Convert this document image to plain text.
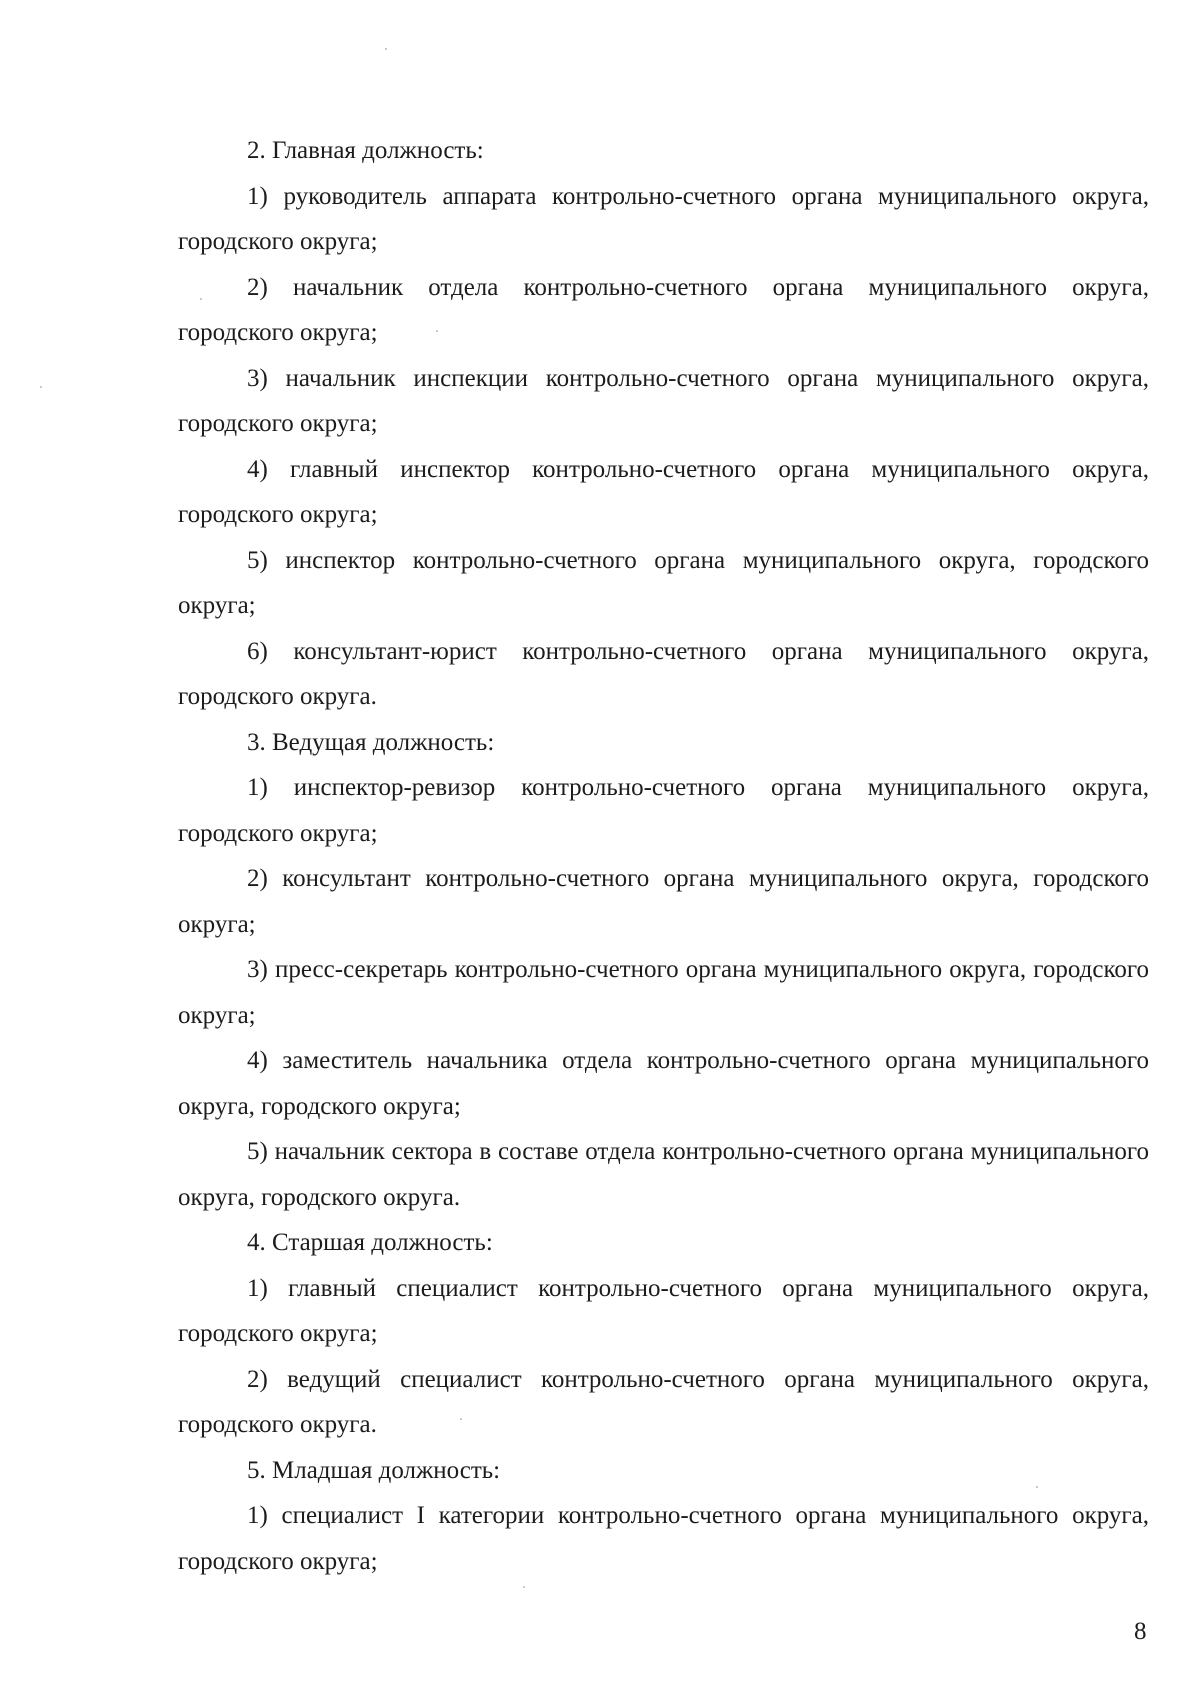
2. Главная должность:

1) руководитель аппарата контрольно-счетного органа муниципального округа, городского округа;

2) начальник отдела контрольно-счетного органа муниципального округа, городского округа;

3) начальник инспекции контрольно-счетного органа муниципального округа, городского округа;

4) главный инспектор контрольно-счетного органа муниципального округа, городского округа;

5) инспектор контрольно-счетного органа муниципального округа, городского округа;

6) консультант-юрист контрольно-счетного органа муниципального округа, городского округа.

3. Ведущая должность:

1) инспектор-ревизор контрольно-счетного органа муниципального округа, городского округа;

2) консультант контрольно-счетного органа муниципального округа, городского округа;

3) пресс-секретарь контрольно-счетного органа муниципального округа, городского округа;

4) заместитель начальника отдела контрольно-счетного органа муниципального округа, городского округа;

5) начальник сектора в составе отдела контрольно-счетного органа муниципального округа, городского округа.

4. Старшая должность:

1) главный специалист контрольно-счетного органа муниципального округа, городского округа;

2) ведущий специалист контрольно-счетного органа муниципального округа, городского округа.

5. Младшая должность:

1) специалист I категории контрольно-счетного органа муниципального округа, городского округа;

8
